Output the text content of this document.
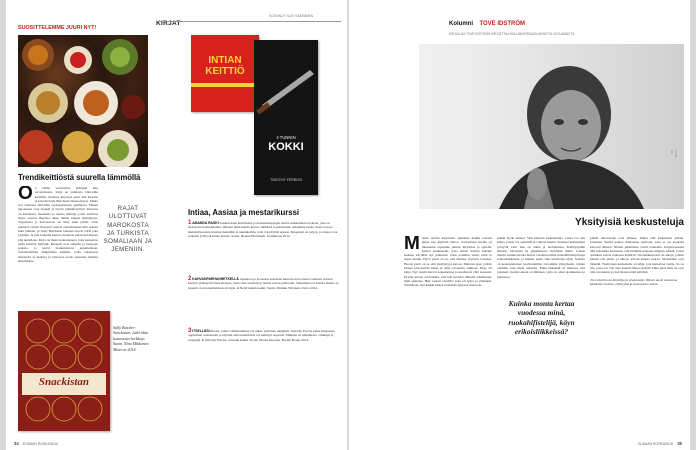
KIRJAT
KOONNUT SUVI VÄÄRÄNEN
SUOSITTELEMME JUURI NYT!
Trendikeittiöstä suurella lämmöllä
On vähän vuodatusta pidetään niin tervetulleena. Kirja on puhdasta Lähi-idän keittiötä, monissa kirjoissa juuri tätä kirjoitti ja kuvaili Sally Butcherin ihanaa kirjaa. Mutta sen rakentaa lähi-idän ruokaperinteen puitteissa. Hänen ideoissaan ovat laajasti ja täysin ymmärrettäviä. Kirjassa on kasviksia, mausteita ja suuria makuja, jotka toimivat myös arjessa. Butcher tekee tämän kaiken heittäytyen. Vegaaniset ja kasvisruoat on tehty kuin pihvit, eivät lainkaan tylsää. Reseptit sopivat erinomaisesti niin arkeen kuin juhlaan, ja Sally Butcherin lautaset tuovat väriä joka pöytään. Ja kun kokeilet kerran, huomaat palaavasi kirjaan yhä uudelleen. Kirja on ihana kokonaisuus, joka kannattaa pitää keittiön hyllyllä. Reseptit ovat selkeitä ja helppoja seurata, ja kuvat houkuttelevat kokeilemaan. Suosittelemme lämpimästi kaikille, jotka rakastavat mausteita ja makuja ja haluavat tuoda arkeensa hieman eksotiikkaa.
RAJAT ULOTTUVAT MAROKOSTA JA TURKISTA SOMALIAAN JA JEMENIIN.
Snackistan
Sally Butcher: Snackistan. Lähi-idän katuruoan herkkuja. Suom. Nina Mikkonen. Minerva 2014.
INTIAN KEITTIÖ
4 TUNNIN
KOKKI
TIMOTHY FERRISS
Intiaa, Aasiaa ja mestarikurssi
1 AMANDA RASKI Sokkeloisten keittiöiden ja maustekauppojen kautta seikkaillaan ruokaan, joka on ehdotonta kotikokkailua. Intiassa tämä keittiö kertoo elämästä ja perinteistä. Aikamme ruoka. Kirja tarjoaa mahdollisuuden tutustua makuihin ja tekniikoihin, joita voi käyttää arjessa. Reseptejä on paljon, ja ohjeet ovat selkeitä. (OK!) ● Intian keittiö. Suom. Helena Blomstedt. Gummerus 2014.
2 KAHVANPARHANHETKELLÄ Japanissa ja Koreassa kokataan kuten kotona ennen vanhaan. Aasian keittiöt yhdistyvät tässä kirjassa, jossa riisi, nuudelit ja liemet saavat pääroolin. Vaikutteita on useista maista, ja reseptit ovat kokeilemisen arvoisia. ● Neljä tunnin kokki. Suom. Markku Virtanen. Otava 2014.
3 ITSELLÄSI Ruoka, jonka valmistaminen vie aikaa, palkitsee tekijänsä. Timothy Ferriss jakaa kirjassaan oppimisen salaisuudet ja näyttää, miten keittiössä voi kehittyä nopeasti. Mukana on tekniikoita, vinkkejä ja reseptejä. ● Timothy Ferriss: 4 tunnin kokki. Suom. Hanna Pesonen. Basam Books 2014.
34 ELÄMÄN ROHKAISIJA
Kolumni TOVE IDSTRÖM
KIRJAILIJA TOVE IDSTRÖM KIRJOITTAA KOLUMNEISSAAN ARJESTA JA ELÄMÄSTÄ
KUVA NN
Yksityisiä keskusteluja
Monkö nettiin kirjoitettu ajatuksia kaikki jaetaan kuten itse käyttäjä tahtoo. Sosiaalinen media on muuttanut tapamme puhua, kirjoittaa ja ajatella. Monet keskustelut, joita ennen käytiin kahden kesken, käydään nyt julkisesti. Olen pohtinut usein, mitä se tekee meille. Hyvä puoli on se, että ihmiset löytävät toisensa. Huono puoli on se, että yksityisyys katoaa. Muistan ajan, jolloin kirjeet kirjoitettiin käsin ja niitä odotettiin viikkoja. Kirje oli lahja. Nyt viestit tulevat sekunneissa ja unohtuvat yhtä nopeasti. Pyysin kerran ystävältäni, että hän kertoisi minulle rehellisesti, mitä ajattelee. Hän vastasi viestillä, joka oli lyhyt ja ytimekäs. Ymmärsin, että kaikki tärkeä ei mahdu lyhyeen muotoon.
pelkät hyvät uutiset. Silti kaipaan keskusteluja, joissa voi olla hiljaa, joissa voi epäröidä ja vaihtaa mieltä. Sellaiset keskustelut syntyvät vain, kun on aikaa ja luottamusta. Kahvipöydän ääressä, kävelyllä tai puhelimessa myöhään illalla. Joskus mietin, kuinka monta kertaa vuodessa minä ruokahifistelijä käyn erikoisliikkeissä, ja kuinka usein vain kuvittelen niitä. Samoin on keskusteluissa: kuvittelemme olevamme yhteydessä, vaikka olemme vain läsnä ruudulla. Ehkä tärkeintä on muistaa, että jokaisen viestin takana on ihminen, jolla on omat ajatuksensa ja tunteensa.
Kuinka monta kertaa vuodessa minä, ruokahifistelijä, käyn erikoisliikkeissä?
pelkät tuttavuudet ovat jääneet. Mutta silti keskustelu jatkuu. Jokainen meistä kantaa mukanaan tarinoita, joita ei ole koskaan kerrottu ääneen. Niiden jakaminen vaatii rohkeutta. Kirjoittaessani tätä kolumnia huomaan, että minäkin kaipaan hiljaisia hetkiä, joissa ajatukset saavat rauhassa kehittyä. Vuodenkierrossa on aikoja, jolloin haluaa olla yksin, ja aikoja, jolloin kaipaa seuraa. Molemmat ovat tärkeitä. Yksityinen keskustelu on lahja, jota kannattaa vaalia. Se on tila, jossa voi olla oma itsensä ilman yleisöä. Ehkä juuri siksi ne ovat niin arvokkaita ja harvinaisia tänä päivänä.
Tove Idström on kirjailija ja dramaturgi. Hänen uusin teoksensa käsittelee muistia, ystävyyttä ja keskustelun taitoa.
ELÄMÄN ROHKAISIJA 35
